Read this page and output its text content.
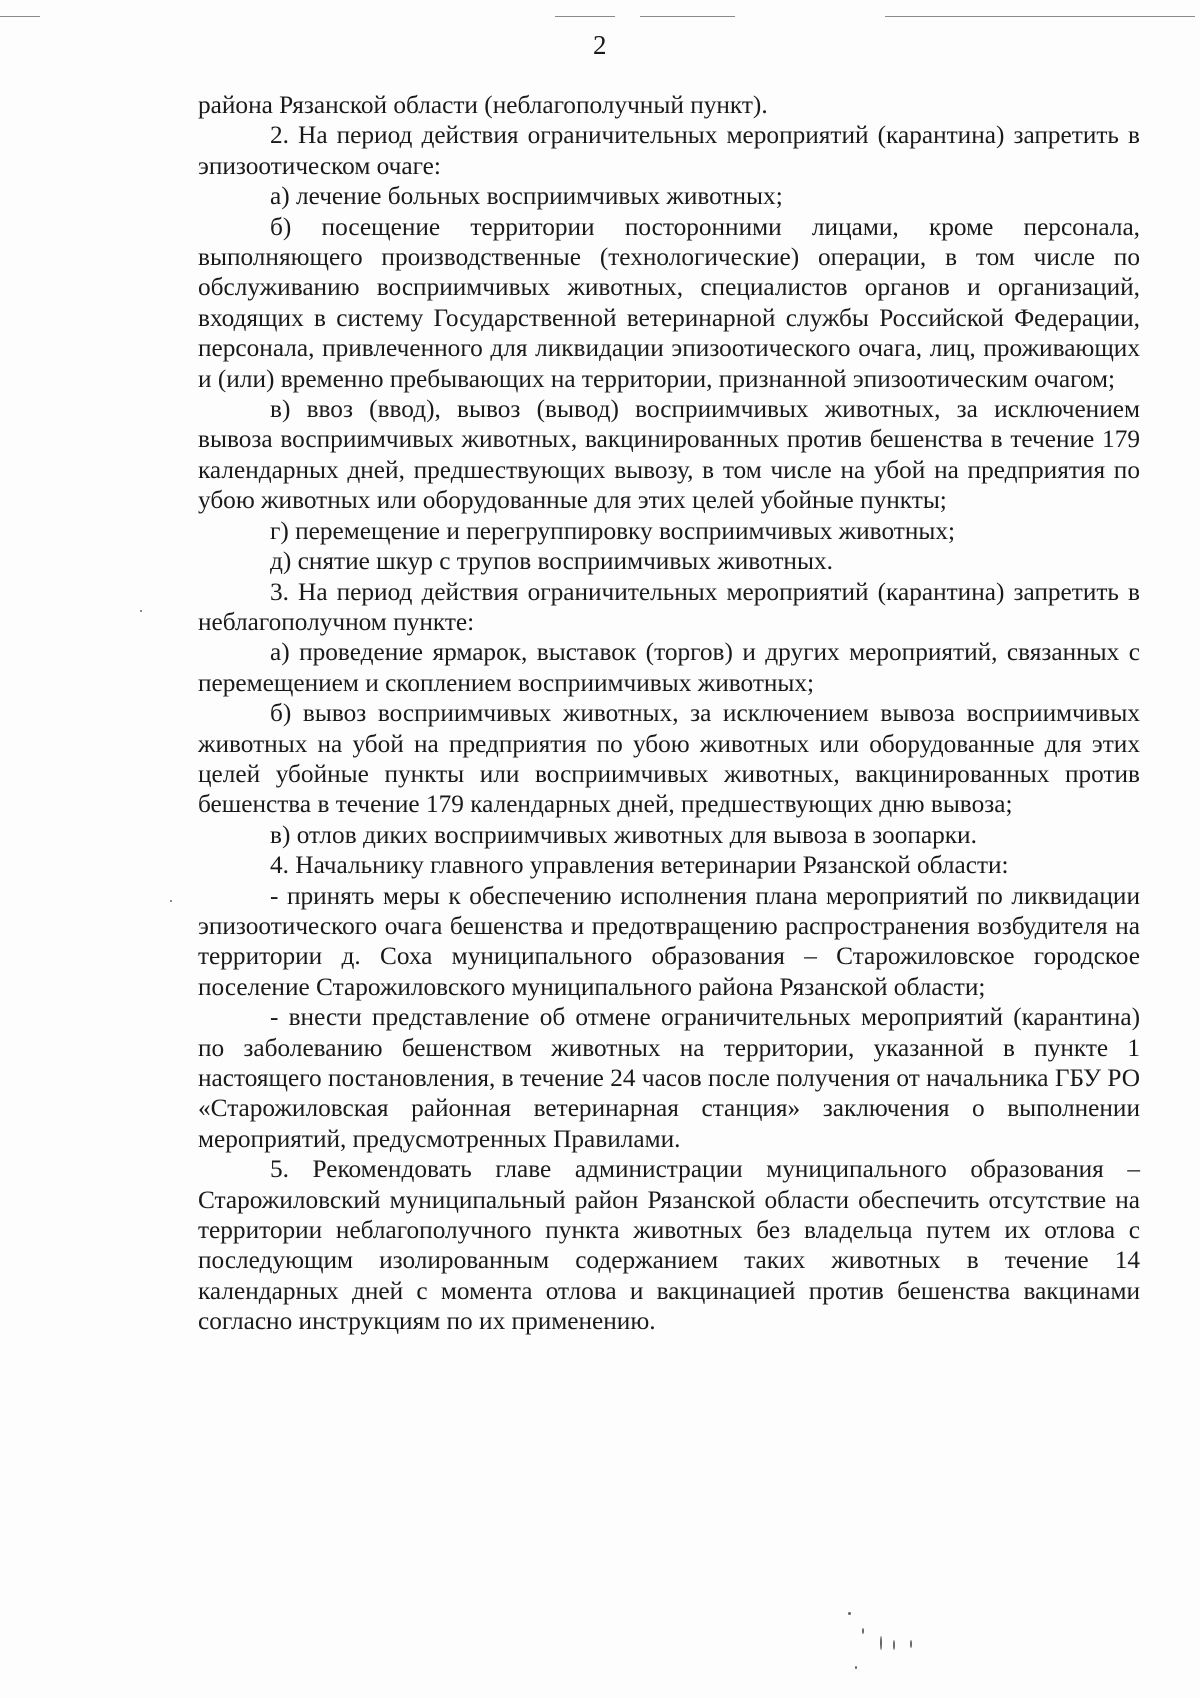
2

района Рязанской области (неблагополучный пункт).

2. На период действия ограничительных мероприятий (карантина) запретить в эпизоотическом очаге:

а) лечение больных восприимчивых животных;

б) посещение территории посторонними лицами, кроме персонала, выполняющего производственные (технологические) операции, в том числе по обслуживанию восприимчивых животных, специалистов органов и организаций, входящих в систему Государственной ветеринарной службы Российской Федерации, персонала, привлеченного для ликвидации эпизоотического очага, лиц, проживающих и (или) временно пребывающих на территории, признанной эпизоотическим очагом;

в) ввоз (ввод), вывоз (вывод) восприимчивых животных, за исключением вывоза восприимчивых животных, вакцинированных против бешенства в течение 179 календарных дней, предшествующих вывозу, в том числе на убой на предприятия по убою животных или оборудованные для этих целей убойные пункты;

г) перемещение и перегруппировку восприимчивых животных;

д) снятие шкур с трупов восприимчивых животных.

3. На период действия ограничительных мероприятий (карантина) запретить в неблагополучном пункте:

а) проведение ярмарок, выставок (торгов) и других мероприятий, связанных с перемещением и скоплением восприимчивых животных;

б) вывоз восприимчивых животных, за исключением вывоза восприимчивых животных на убой на предприятия по убою животных или оборудованные для этих целей убойные пункты или восприимчивых животных, вакцинированных против бешенства в течение 179 календарных дней, предшествующих дню вывоза;

в) отлов диких восприимчивых животных для вывоза в зоопарки.

4. Начальнику главного управления ветеринарии Рязанской области:

- принять меры к обеспечению исполнения плана мероприятий по ликвидации эпизоотического очага бешенства и предотвращению распространения возбудителя на территории д. Соха муниципального образования – Старожиловское городское поселение Старожиловского муниципального района Рязанской области;

- внести представление об отмене ограничительных мероприятий (карантина) по заболеванию бешенством животных на территории, указанной в пункте 1 настоящего постановления, в течение 24 часов после получения от начальника ГБУ РО «Старожиловская районная ветеринарная станция» заключения о выполнении мероприятий, предусмотренных Правилами.

5. Рекомендовать главе администрации муниципального образования – Старожиловский муниципальный район Рязанской области обеспечить отсутствие на территории неблагополучного пункта животных без владельца путем их отлова с последующим изолированным содержанием таких животных в течение 14 календарных дней с момента отлова и вакцинацией против бешенства вакцинами согласно инструкциям по их применению.
